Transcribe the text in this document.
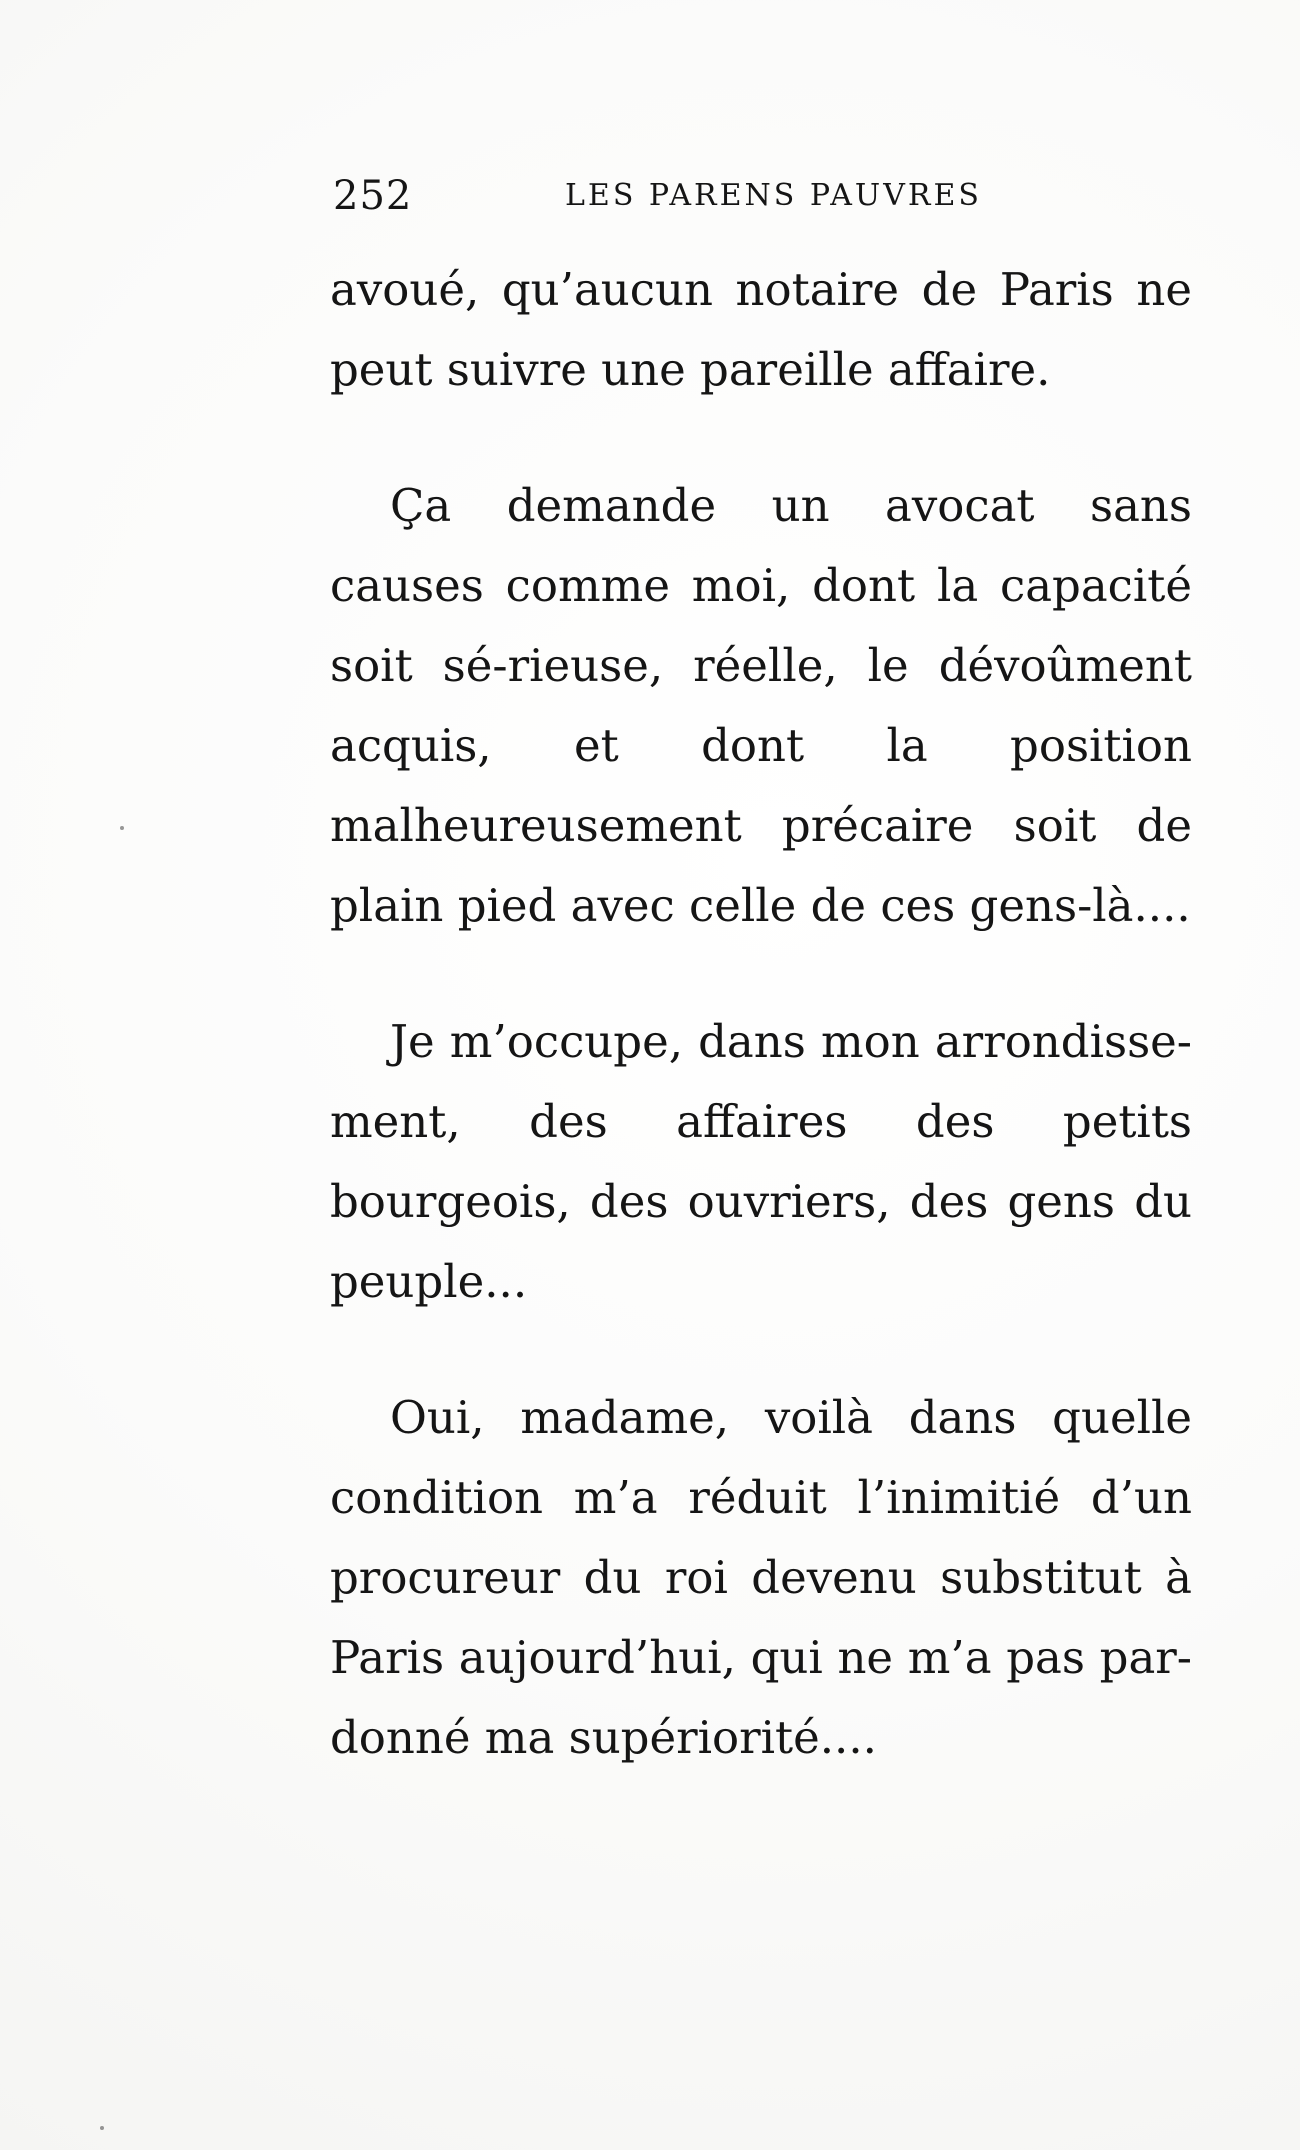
252	LES PARENS PAUVRES

avoué, qu’aucun notaire de Paris ne peut suivre une pareille affaire.

Ça demande un avocat sans causes comme moi, dont la capacité soit sé-rieuse, réelle, le dévoûment acquis, et dont la position malheureusement précaire soit de plain pied avec celle de ces gens-là....

Je m’occupe, dans mon arrondisse-ment, des affaires des petits bourgeois, des ouvriers, des gens du peuple...

Oui, madame, voilà dans quelle condition m’a réduit l’inimitié d’un procureur du roi devenu substitut à Paris aujourd’hui, qui ne m’a pas par-donné ma supériorité....
